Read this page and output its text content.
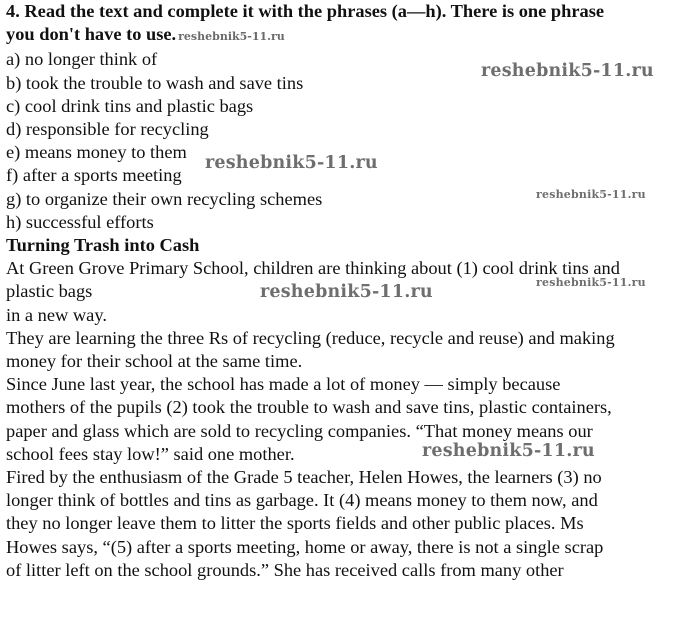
4. Read the text and complete it with the phrases (a—h). There is one phrase

you don't have to use. reshebnik5-11.ru

a) no longer think of

b) took the trouble to wash and save tins

c) cool drink tins and plastic bags

d) responsible for recycling

e) means money to them

f) after a sports meeting

g) to organize their own recycling schemes

h) successful efforts

Turning Trash into Cash

At Green Grove Primary School, children are thinking about (1) cool drink tins and

plastic bags

in a new way.

They are learning the three Rs of recycling (reduce, recycle and reuse) and making

money for their school at the same time.

Since June last year, the school has made a lot of money — simply because

mothers of the pupils (2) took the trouble to wash and save tins, plastic containers,

paper and glass which are sold to recycling companies. “That money means our

school fees stay low!” said one mother.

Fired by the enthusiasm of the Grade 5 teacher, Helen Howes, the learners (3) no

longer think of bottles and tins as garbage. It (4) means money to them now, and

they no longer leave them to litter the sports fields and other public places. Ms

Howes says, “(5) after a sports meeting, home or away, there is not a single scrap

of litter left on the school grounds.” She has received calls from many other

reshebnik5-11.ru
reshebnik5-11.ru
reshebnik5-11.ru
reshebnik5-11.ru	reshebnik5-11.ru
reshebnik5-11.ru
